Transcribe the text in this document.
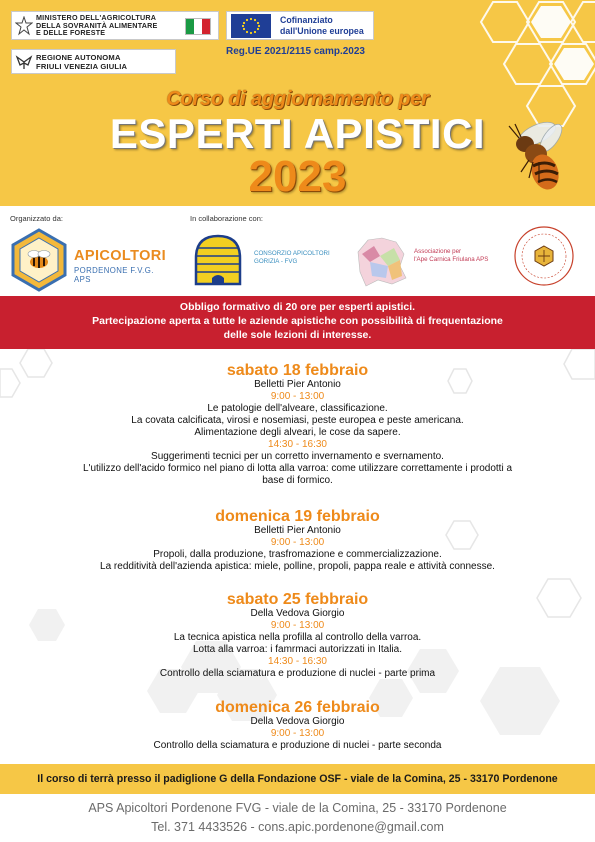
MINISTERO DELL'AGRICOLTURA
DELLA SOVRANITÀ ALIMENTARE
E DELLE FORESTE
REGIONE AUTONOMA
FRIULI VENEZIA GIULIA
Cofinanziato
dall'Unione europea
Reg.UE 2021/2115 camp.2023
Corso di aggiornamento per
ESPERTI APISTICI
2023
Organizzato da:	In collaborazione con:
APICOLTORI
PORDENONE F.V.G. APS
CONSORZIO APICOLTORI
GORIZIA - FVG
Associazione per
l'Ape Carnica Friulana APS
Obbligo formativo di 20 ore per esperti apistici.
Partecipazione aperta a tutte le aziende apistiche con possibilità di frequentazione
delle sole lezioni di interesse.
sabato 18 febbraio
Belletti Pier Antonio
9:00 - 13:00
Le patologie dell'alveare, classificazione.
La covata calcificata, virosi e nosemiasi, peste europea e peste americana.
Alimentazione degli alveari, le cose da sapere.
14:30 - 16:30
Suggerimenti tecnici per un corretto invernamento e svernamento.
L'utilizzo dell'acido formico nel piano di lotta alla varroa: come utilizzare correttamente i prodotti a
base di formico.
domenica 19 febbraio
Belletti Pier Antonio
9:00 - 13:00
Propoli, dalla produzione, trasfromazione e commercializzazione.
La redditività dell'azienda apistica: miele, polline, propoli, pappa reale e attività connesse.
sabato 25 febbraio
Della Vedova Giorgio
9:00 - 13:00
La tecnica apistica nella profilla al controllo della varroa.
Lotta alla varroa: i famrmaci autorizzati in Italia.
14:30 - 16:30
Controllo della sciamatura e produzione di nuclei - parte prima
domenica 26 febbraio
Della Vedova Giorgio
9:00 - 13:00
Controllo della sciamatura e produzione di nuclei - parte seconda
Il corso di terrà presso il padiglione G della Fondazione OSF - viale de la Comina, 25 - 33170 Pordenone
APS Apicoltori Pordenone FVG - viale de la Comina, 25 - 33170 Pordenone
Tel. 371 4433526 - cons.apic.pordenone@gmail.com
